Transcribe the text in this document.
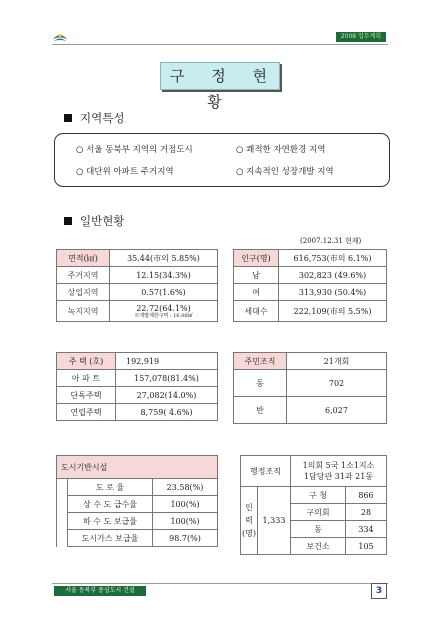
2008 업무계획
구 정 현 황
지역특성
○ 서울 동북부 지역의 거점도시	○ 쾌적한 자연환경 지역
○ 대단위 아파트 주거지역	○ 지속적인 성장개발 지역
일반현황
(2007.12.31 현재)
면적(㎢)	35.44(市의 5.85%)
주거지역	12.15(34.3%)
상업지역	0.57(1.6%)
녹지지역	22.72(64.1%)
※개발제한구역 : 16.06㎢
인구(명)	616,753(市의 6.1%)
남	302,823 (49.6%)
여	313,930 (50.4%)
세대수	222,109(市의 5.5%)
주 택 (호)	192,919
아 파 트	157,078(81.4%)
단독주택	27,082(14.0%)
연립주택	8,759( 4.6%)
주민조직	21개회
동	702
반	6,027
도시기반시설		
	도 로 율	23.58(%)
	상 수 도 급수율	100(%)
	하 수 도 보급율	100(%)
	도시가스 보급율	98.7(%)
행정조직		1의회 5국 1소1지소
1담당관 31과 21동	
인
력
(명)	1,333	구 청	866
		구의회	28
		동	334
		보건소	105
서울 동북부 중심도시 건설	3
